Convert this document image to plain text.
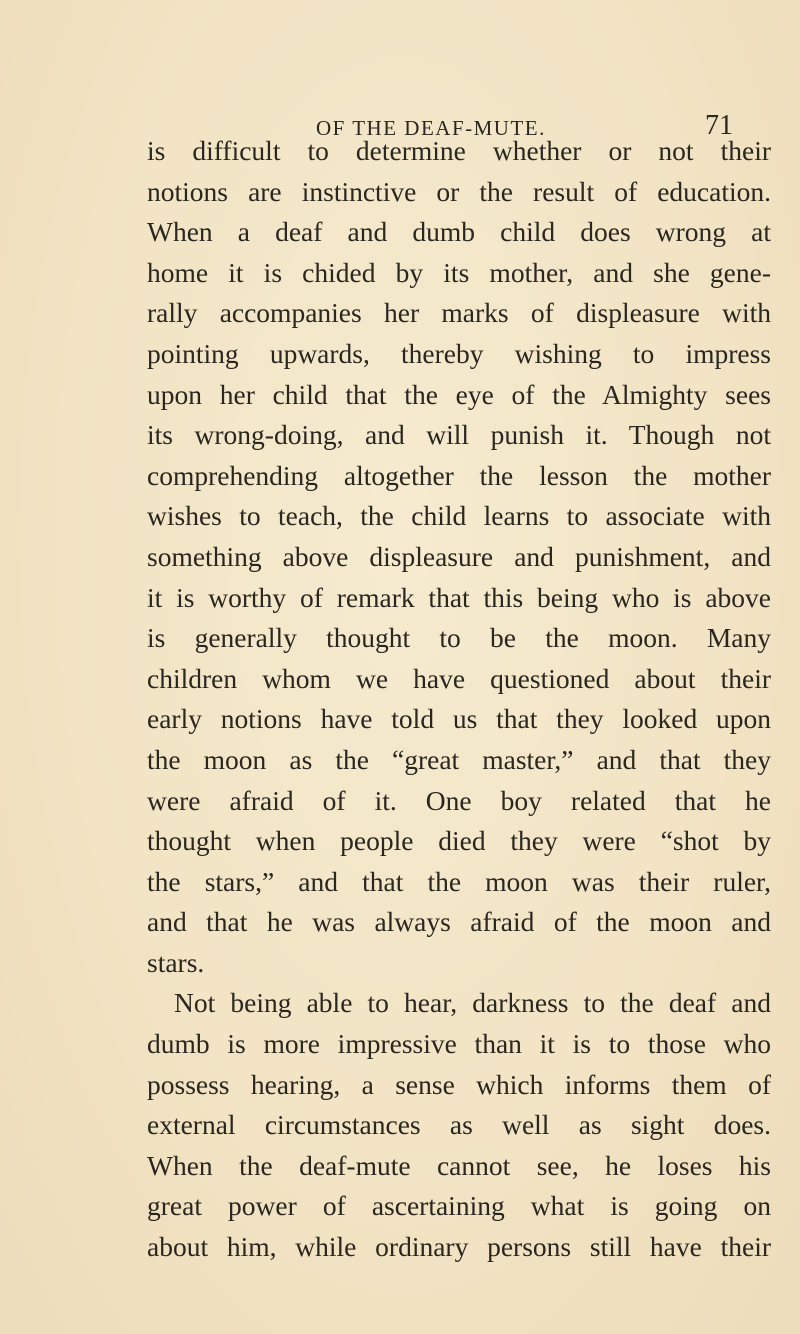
OF THE DEAF-MUTE.	71
is difficult to determine whether or not their
notions are instinctive or the result of education.
When a deaf and dumb child does wrong at
home it is chided by its mother, and she gene-
rally accompanies her marks of displeasure with
pointing upwards, thereby wishing to impress
upon her child that the eye of the Almighty sees
its wrong-doing, and will punish it. Though not
comprehending altogether the lesson the mother
wishes to teach, the child learns to associate with
something above displeasure and punishment, and
it is worthy of remark that this being who is above
is generally thought to be the moon. Many
children whom we have questioned about their
early notions have told us that they looked upon
the moon as the “great master,” and that they
were afraid of it. One boy related that he
thought when people died they were “shot by
the stars,” and that the moon was their ruler,
and that he was always afraid of the moon and
stars.
Not being able to hear, darkness to the deaf and
dumb is more impressive than it is to those who
possess hearing, a sense which informs them of
external circumstances as well as sight does.
When the deaf-mute cannot see, he loses his
great power of ascertaining what is going on
about him, while ordinary persons still have their
